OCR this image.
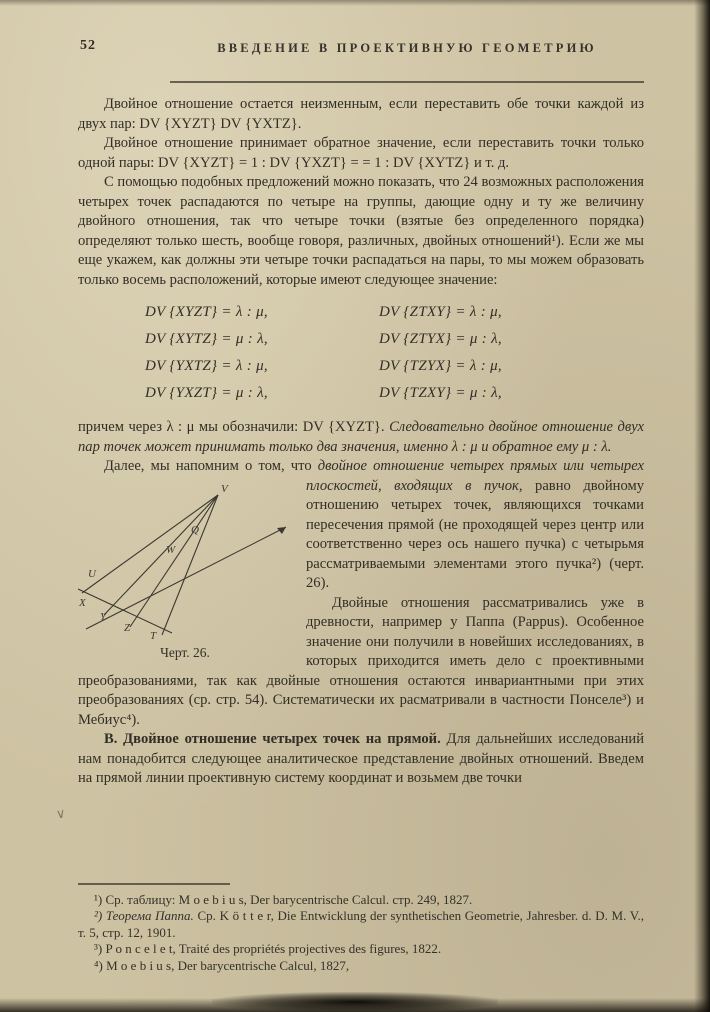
52	ВВЕДЕНИЕ В ПРОЕКТИВНУЮ ГЕОМЕТРИЮ
Двойное отношение остается неизменным, если переставить обе точки каждой из двух пар: DV {XYZT} DV {YXTZ}.
Двойное отношение принимает обратное значение, если переставить точки только одной пары: DV {XYZT} = 1 : DV {YXZT} = = 1 : DV {XYTZ} и т. д.
С помощью подобных предложений можно показать, что 24 возможных расположения четырех точек распадаются по четыре на группы, дающие одну и ту же величину двойного отношения, так что четыре точки (взятые без определенного порядка) определяют только шесть, вообще говоря, различных, двойных отношений¹). Если же мы еще укажем, как должны эти четыре точки распадаться на пары, то мы можем образовать только восемь расположений, которые имеют следующее значение:
DV {XYZT} = λ : μ,	DV {ZTXY} = λ : μ,
DV {XYTZ} = μ : λ,	DV {ZTYX} = μ : λ,
DV {YXTZ} = λ : μ,	DV {TZYX} = λ : μ,
DV {YXZT} = μ : λ,	DV {TZXY} = μ : λ,
причем через λ : μ мы обозначили: DV {XYZT}. Следовательно двойное отношение двух пар точек может принимать только два значения, именно λ : μ и обратное ему μ : λ.
Далее, мы напомним о том, что двойное отношение четырех прямых или четырех плоскостей, входящих в пучок, равно
V
Q
W
U
X
Y
Z
T
Черт. 26.
двойному отношению четырех точек, являющихся точками пересечения прямой (не проходящей через центр или соответственно через ось нашего пучка) с четырьмя рассматриваемыми элементами этого пучка²) (черт. 26).
Двойные отношения рассматривались уже в древности, например у Паппа (Pappus). Особенное значение они получили в новейших исследованиях, в которых приходится иметь дело с проективными преобразованиями, так как двойные отношения остаются инвариантными при этих преобразованиях (ср. стр. 54). Систематически их расматривали в частности Понселе³) и Мебиус⁴).
В. Двойное отношение четырех точек на прямой. Для дальнейших исследований нам понадобится следующее аналитическое представление двойных отношений. Введем на прямой линии проективную систему координат и возьмем две точки
¹) Ср. таблицу: M o e b i u s, Der barycentrische Calcul. стр. 249, 1827.
²) Теорема Паппа. Ср. K ö t t e r, Die Entwicklung der synthetischen Geometrie, Jahresber. d. D. M. V., т. 5, стр. 12, 1901.
³) P o n c e l e t, Traité des propriétés projectives des figures, 1822.
⁴) M o e b i u s, Der barycentrische Calcul, 1827,
∨
